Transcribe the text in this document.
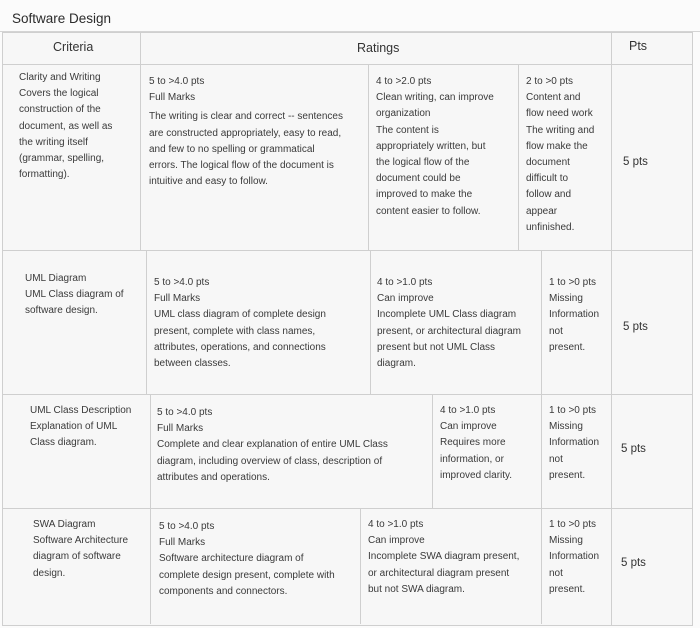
Software Design
Criteria	Ratings	Pts
Clarity and Writing
Covers the logical
construction of the
document, as well as
the writing itself
(grammar, spelling,
formatting).
5 to >4.0 pts
Full Marks
The writing is clear and correct -- sentences
are constructed appropriately, easy to read,
and few to no spelling or grammatical
errors. The logical flow of the document is
intuitive and easy to follow.
4 to >2.0 pts
Clean writing, can improve
organization
The content is
appropriately written, but
the logical flow of the
document could be
improved to make the
content easier to follow.
2 to >0 pts
Content and
flow need work
The writing and
flow make the
document
difficult to
follow and
appear
unfinished.
5 pts
UML Diagram
UML Class diagram of
software design.
5 to >4.0 pts
Full Marks
UML class diagram of complete design
present, complete with class names,
attributes, operations, and connections
between classes.
4 to >1.0 pts
Can improve
Incomplete UML Class diagram
present, or architectural diagram
present but not UML Class
diagram.
1 to >0 pts
Missing
Information
not
present.
5 pts
UML Class Description
Explanation of UML
Class diagram.
5 to >4.0 pts
Full Marks
Complete and clear explanation of entire UML Class
diagram, including overview of class, description of
attributes and operations.
4 to >1.0 pts
Can improve
Requires more
information, or
improved clarity.
1 to >0 pts
Missing
Information
not
present.
5 pts
SWA Diagram
Software Architecture
diagram of software
design.
5 to >4.0 pts
Full Marks
Software architecture diagram of
complete design present, complete with
components and connectors.
4 to >1.0 pts
Can improve
Incomplete SWA diagram present,
or architectural diagram present
but not SWA diagram.
1 to >0 pts
Missing
Information
not
present.
5 pts
